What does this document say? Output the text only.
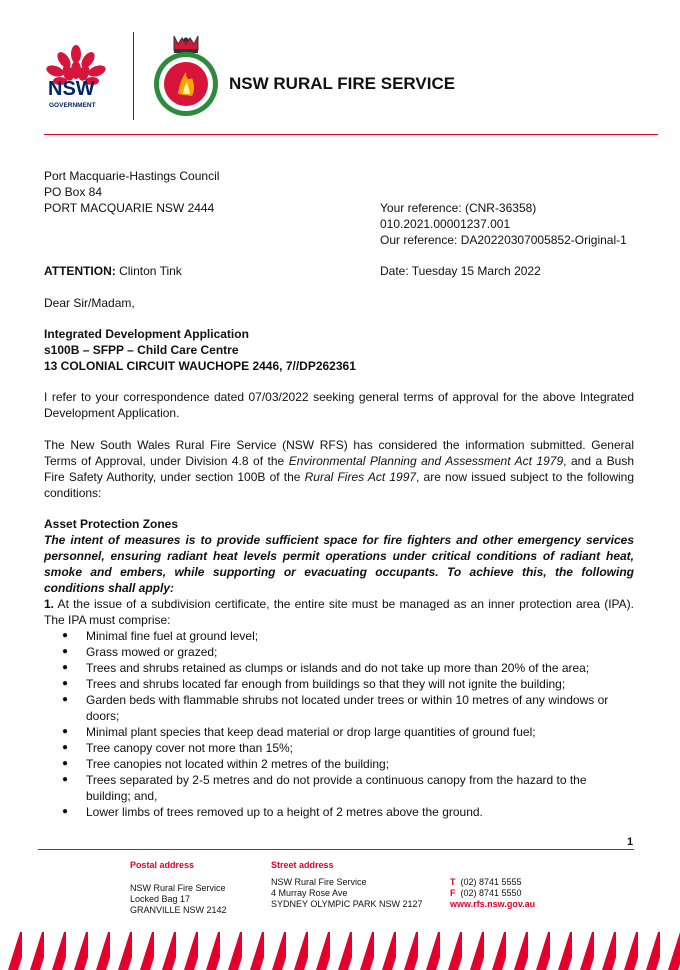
NSW
GOVERNMENT
NSW RURAL FIRE SERVICE
Port Macquarie-Hastings Council
PO Box 84
PORT MACQUARIE NSW 2444	Your reference: (CNR-36358)
010.2021.00001237.001
Our reference: DA20220307005852-Original-1
ATTENTION: Clinton Tink	Date: Tuesday 15 March 2022
Dear Sir/Madam,
Integrated Development Application
s100B – SFPP – Child Care Centre
13 COLONIAL CIRCUIT WAUCHOPE 2446, 7//DP262361
I refer to your correspondence dated 07/03/2022 seeking general terms of approval for the above Integrated Development Application.
The New South Wales Rural Fire Service (NSW RFS) has considered the information submitted. General Terms of Approval, under Division 4.8 of the Environmental Planning and Assessment Act 1979, and a Bush Fire Safety Authority, under section 100B of the Rural Fires Act 1997, are now issued subject to the following conditions:
Asset Protection Zones
The intent of measures is to provide sufficient space for fire fighters and other emergency services personnel, ensuring radiant heat levels permit operations under critical conditions of radiant heat, smoke and embers, while supporting or evacuating occupants. To achieve this, the following conditions shall apply:
1. At the issue of a subdivision certificate, the entire site must be managed as an inner protection area (IPA). The IPA must comprise:
● Minimal fine fuel at ground level;
● Grass mowed or grazed;
● Trees and shrubs retained as clumps or islands and do not take up more than 20% of the area;
● Trees and shrubs located far enough from buildings so that they will not ignite the building;
● Garden beds with flammable shrubs not located under trees or within 10 metres of any windows or doors;
● Minimal plant species that keep dead material or drop large quantities of ground fuel;
● Tree canopy cover not more than 15%;
● Tree canopies not located within 2 metres of the building;
● Trees separated by 2-5 metres and do not provide a continuous canopy from the hazard to the building; and,
● Lower limbs of trees removed up to a height of 2 metres above the ground.
1
Postal address
NSW Rural Fire Service
Locked Bag 17
GRANVILLE NSW 2142
Street address
NSW Rural Fire Service
4 Murray Rose Ave
SYDNEY OLYMPIC PARK NSW 2127
T (02) 8741 5555
F (02) 8741 5550
www.rfs.nsw.gov.au
